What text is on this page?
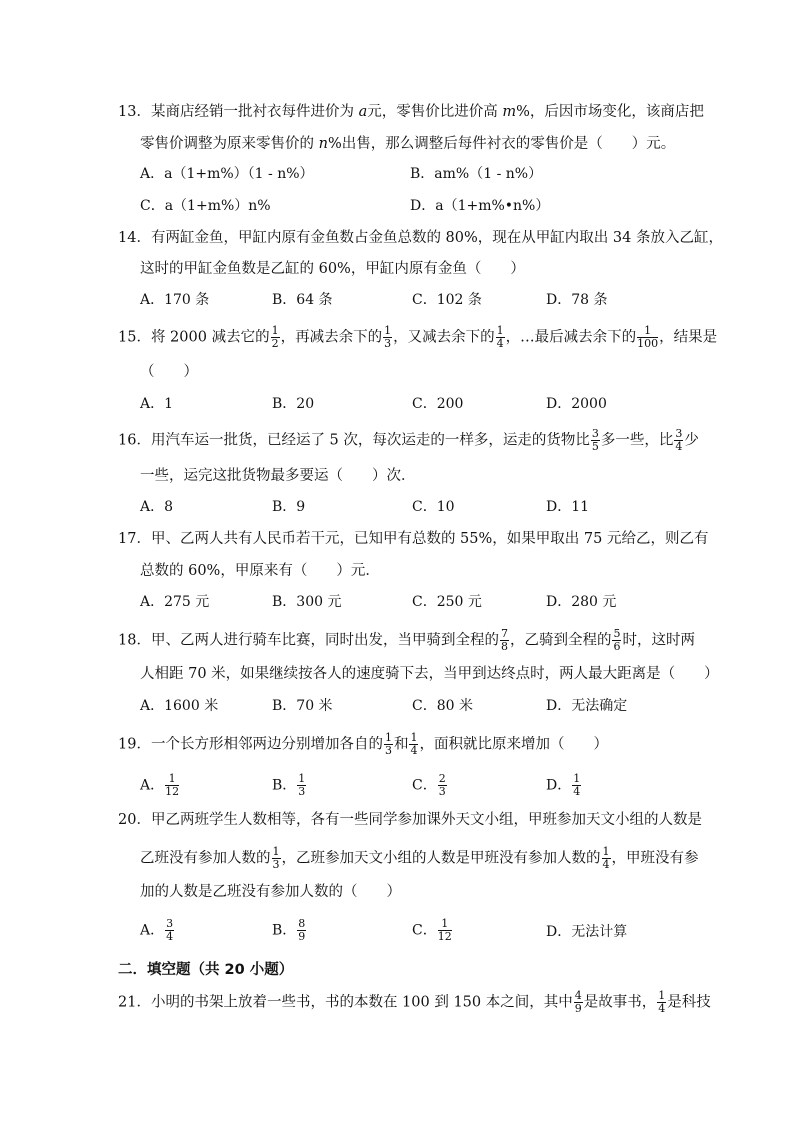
13．某商店经销一批衬衣每件进价为 a元，零售价比进价高 m%，后因市场变化，该商店把
零售价调整为原来零售价的 n%出售，那么调整后每件衬衣的零售价是（　　）元。
A．a（1+m%）（1 - n%）	B．am%（1 - n%）
C．a（1+m%）n%	D．a（1+m%•n%）
14．有两缸金鱼，甲缸内原有金鱼数占金鱼总数的 80%，现在从甲缸内取出 34 条放入乙缸，
这时的甲缸金鱼数是乙缸的 60%，甲缸内原有金鱼（　　）
A．170 条	B．64 条	C．102 条	D．78 条
15．将 2000 减去它的 $\frac{1}{2}$ ，再减去余下的 $\frac{1}{3}$ ，又减去余下的 $\frac{1}{4}$ ，…最后减去余下的 $\frac{1}{100}$ ，结果是
（　　）
A．1	B．20	C．200	D．2000
16．用汽车运一批货，已经运了 5 次，每次运走的一样多，运走的货物比 $\frac{3}{5}$ 多一些，比 $\frac{3}{4}$ 少
一些，运完这批货物最多要运（　　）次．
A．8	B．9	C．10	D．11
17．甲、乙两人共有人民币若干元，已知甲有总数的 55%，如果甲取出 75 元给乙，则乙有
总数的 60%，甲原来有（　　）元．
A．275 元	B．300 元	C．250 元	D．280 元
18．甲、乙两人进行骑车比赛，同时出发，当甲骑到全程的 $\frac{7}{8}$ ，乙骑到全程的 $\frac{5}{6}$ 时，这时两
人相距 70 米，如果继续按各人的速度骑下去，当甲到达终点时，两人最大距离是（　　）
A．1600 米	B．70 米	C．80 米	D．无法确定
19．一个长方形相邻两边分别增加各自的 $\frac{1}{3}$ 和 $\frac{1}{4}$ ，面积就比原来增加（　　）
A． $\frac{1}{12}$	B． $\frac{1}{3}$	C． $\frac{2}{3}$	D． $\frac{1}{4}$
20．甲乙两班学生人数相等，各有一些同学参加课外天文小组，甲班参加天文小组的人数是
乙班没有参加人数的 $\frac{1}{3}$ ，乙班参加天文小组的人数是甲班没有参加人数的 $\frac{1}{4}$ ，甲班没有参
加的人数是乙班没有参加人数的（　　）
A． $\frac{3}{4}$	B． $\frac{8}{9}$	C． $\frac{1}{12}$	D．无法计算
二．填空题（共 20 小题）
21．小明的书架上放着一些书，书的本数在 100 到 150 本之间，其中 $\frac{4}{9}$ 是故事书， $\frac{1}{4}$ 是科技
